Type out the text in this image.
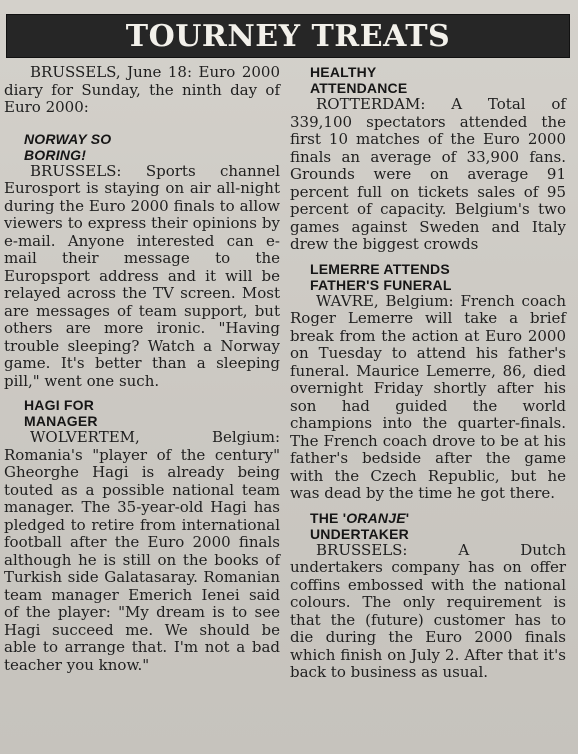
TOURNEY TREATS

BRUSSELS, June 18: Euro 2000 diary for Sunday, the ninth day of Euro 2000:

NORWAY SO
BORING!

BRUSSELS: Sports channel Eurosport is staying on air all-night during the Euro 2000 finals to allow viewers to express their opinions by e-mail. Anyone interested can e-mail their message to the Europsport address and it will be relayed across the TV screen. Most are messages of team support, but others are more ironic. "Having trouble sleeping? Watch a Norway game. It's better than a sleeping pill," went one such.

HAGI FOR
MANAGER

WOLVERTEM, Belgium: Romania's "player of the century" Gheorghe Hagi is already being touted as a possible national team manager. The 35-year-old Hagi has pledged to retire from international football after the Euro 2000 finals although he is still on the books of Turkish side Galatasaray. Romanian team manager Emerich Ienei said of the player: "My dream is to see Hagi succeed me. We should be able to arrange that. I'm not a bad teacher you know."

HEALTHY
ATTENDANCE

ROTTERDAM: A Total of 339,100 spectators attended the first 10 matches of the Euro 2000 finals an average of 33,900 fans. Grounds were on average 91 percent full on tickets sales of 95 percent of capacity. Belgium's two games against Sweden and Italy drew the biggest crowds

LEMERRE ATTENDS
FATHER'S FUNERAL

WAVRE, Belgium: French coach Roger Lemerre will take a brief break from the action at Euro 2000 on Tuesday to attend his father's funeral. Maurice Lemerre, 86, died overnight Friday shortly after his son had guided the world champions into the quarter-finals. The French coach drove to be at his father's bedside after the game with the Czech Republic, but he was dead by the time he got there.

THE 'ORANJE'
UNDERTAKER

BRUSSELS: A Dutch undertakers company has on offer coffins embossed with the national colours. The only requirement is that the (future) customer has to die during the Euro 2000 finals which finish on July 2. After that it's back to business as usual.
